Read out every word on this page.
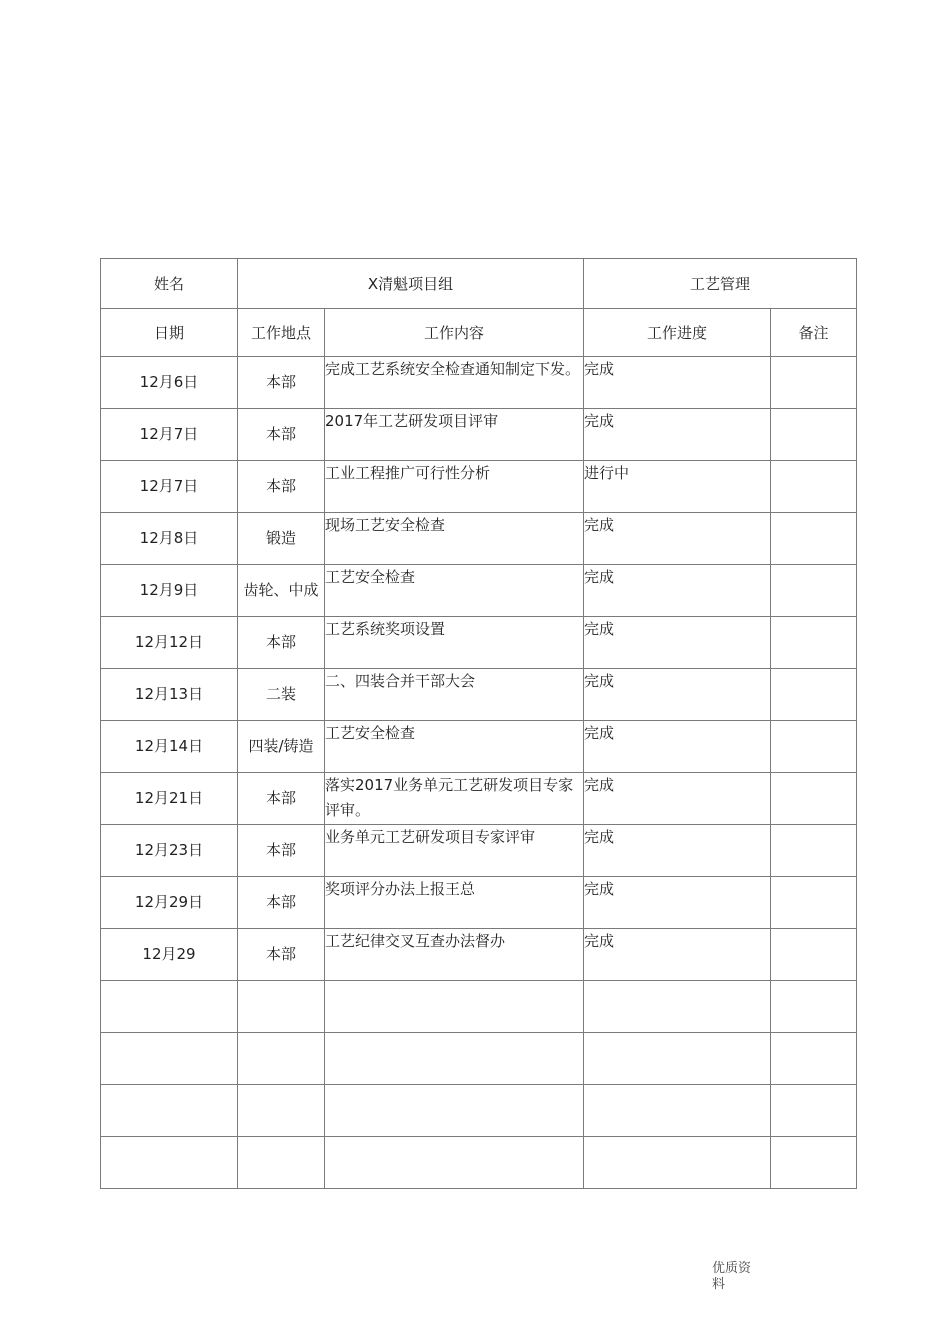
姓名	X清魁项目组		工艺管理	
日期	工作地点	工作内容	工作进度	备注
12月6日	本部	完成工艺系统安全检查通知制定下发。	完成	
12月7日	本部	2017年工艺研发项目评审	完成	
12月7日	本部	工业工程推广可行性分析	进行中	
12月8日	锻造	现场工艺安全检查	完成	
12月9日	齿轮、中成	工艺安全检查	完成	
12月12日	本部	工艺系统奖项设置	完成	
12月13日	二装	二、四装合并干部大会	完成	
12月14日	四装/铸造	工艺安全检查	完成	
12月21日	本部	落实2017业务单元工艺研发项目专家评审。	完成	
12月23日	本部	业务单元工艺研发项目专家评审	完成	
12月29日	本部	奖项评分办法上报王总	完成	
12月29	本部	工艺纪律交叉互查办法督办	完成	

优质资料
